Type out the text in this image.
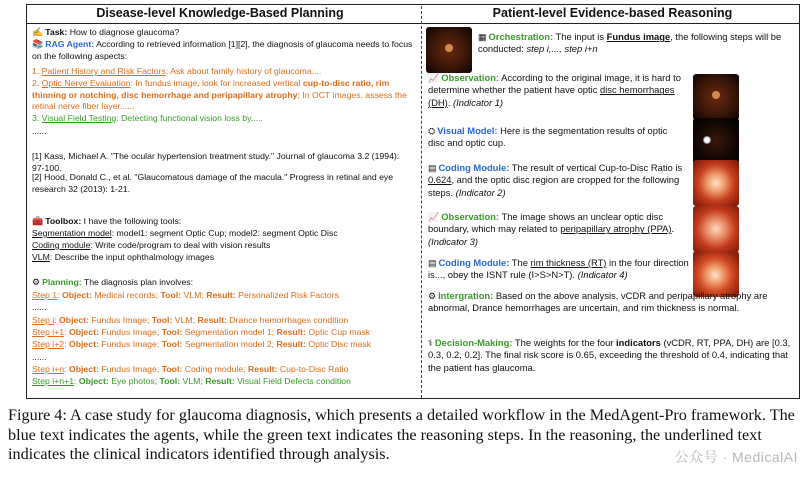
Disease-level Knowledge-Based Planning	Patient-level Evidence-based Reasoning
✍ Task: How to diagnose glaucoma?
📚 RAG Agent: According to retrieved information [1][2], the diagnosis of glaucoma needs to focus on the following aspects:
1. Patient History and Risk Factors: Ask about family history of glaucoma....
2. Optic Nerve Evaluation: In fundus image, look for increased vertical cup-to-disc ratio, rim thinning or notching, disc hemorrhage and peripapillary atrophy; In OCT images, assess the retinal nerve fiber layer......
3. Visual Field Testing: Detecting functional vision loss by.....
......
[1] Kass, Michael A. "The ocular hypertension treatment study." Journal of glaucoma 3.2 (1994): 97-100.
[2] Hood, Donald C., et al. "Glaucomatous damage of the macula." Progress in retinal and eye research 32 (2013): 1-21.
🧰 Toolbox: I have the following tools:
Segmentation model: model1: segment Optic Cup; model2: segment Optic Disc
Coding module: Write code/program to deal with vision results
VLM: Describe the input ophthalmology images
⚙ Planning: The diagnosis plan involves:
Step 1: Object: Medical records; Tool: VLM; Result: Personalized Risk Factors
......
Step i: Object: Fundus Image; Tool: VLM; Result: Drance hemorrhages condition
Step i+1: Object: Fundus Image; Tool: Segmentation model 1; Result: Optic Cup mask
Step i+2: Object: Fundus Image; Tool: Segmentation model 2; Result: Optic Disc mask
......
Step i+n: Object: Fundus Image; Tool: Coding module; Result: Cup-to-Disc Ratio
Step i+n+1: Object: Eye photos; Tool: VLM; Result: Visual Field Defects condition
▦ Orchestration: The input is Fundus image, the following steps will be conducted: step i,..., step i+n
📈 Observation: According to the original image, it is hard to determine whether the patient have optic disc hemorrhages (DH). (Indicator 1)
⛭ Visual Model: Here is the segmentation results of optic disc and optic cup.
▤ Coding Module: The result of vertical Cup-to-Disc Ratio is 0.624, and the optic disc region are cropped for the following steps. (Indicator 2)
📈 Observation: The image shows an unclear optic disc boundary, which may related to peripapillary atrophy (PPA). (Indicator 3)
▤ Coding Module: The rim thickness (RT) in the four direction is..., obey the ISNT rule (I>S>N>T). (Indicator 4)
⚙ Intergration: Based on the above analysis, vCDR and peripapillary atrophy are abnormal, Drance hemorrhages are uncertain, and rim thickness is normal.
⚕ Decision-Making: The weights for the four indicators (vCDR, RT, PPA, DH) are [0.3, 0.3, 0.2, 0.2]. The final risk score is 0.65, exceeding the threshold of 0.4, indicating that the patient has glaucoma.
Figure 4: A case study for glaucoma diagnosis, which presents a detailed workflow in the MedAgent-Pro framework. The blue text indicates the agents, while the green text indicates the reasoning steps. In the reasoning, the underlined text indicates the clinical indicators identified through analysis.	公众号 · MedicalAI
